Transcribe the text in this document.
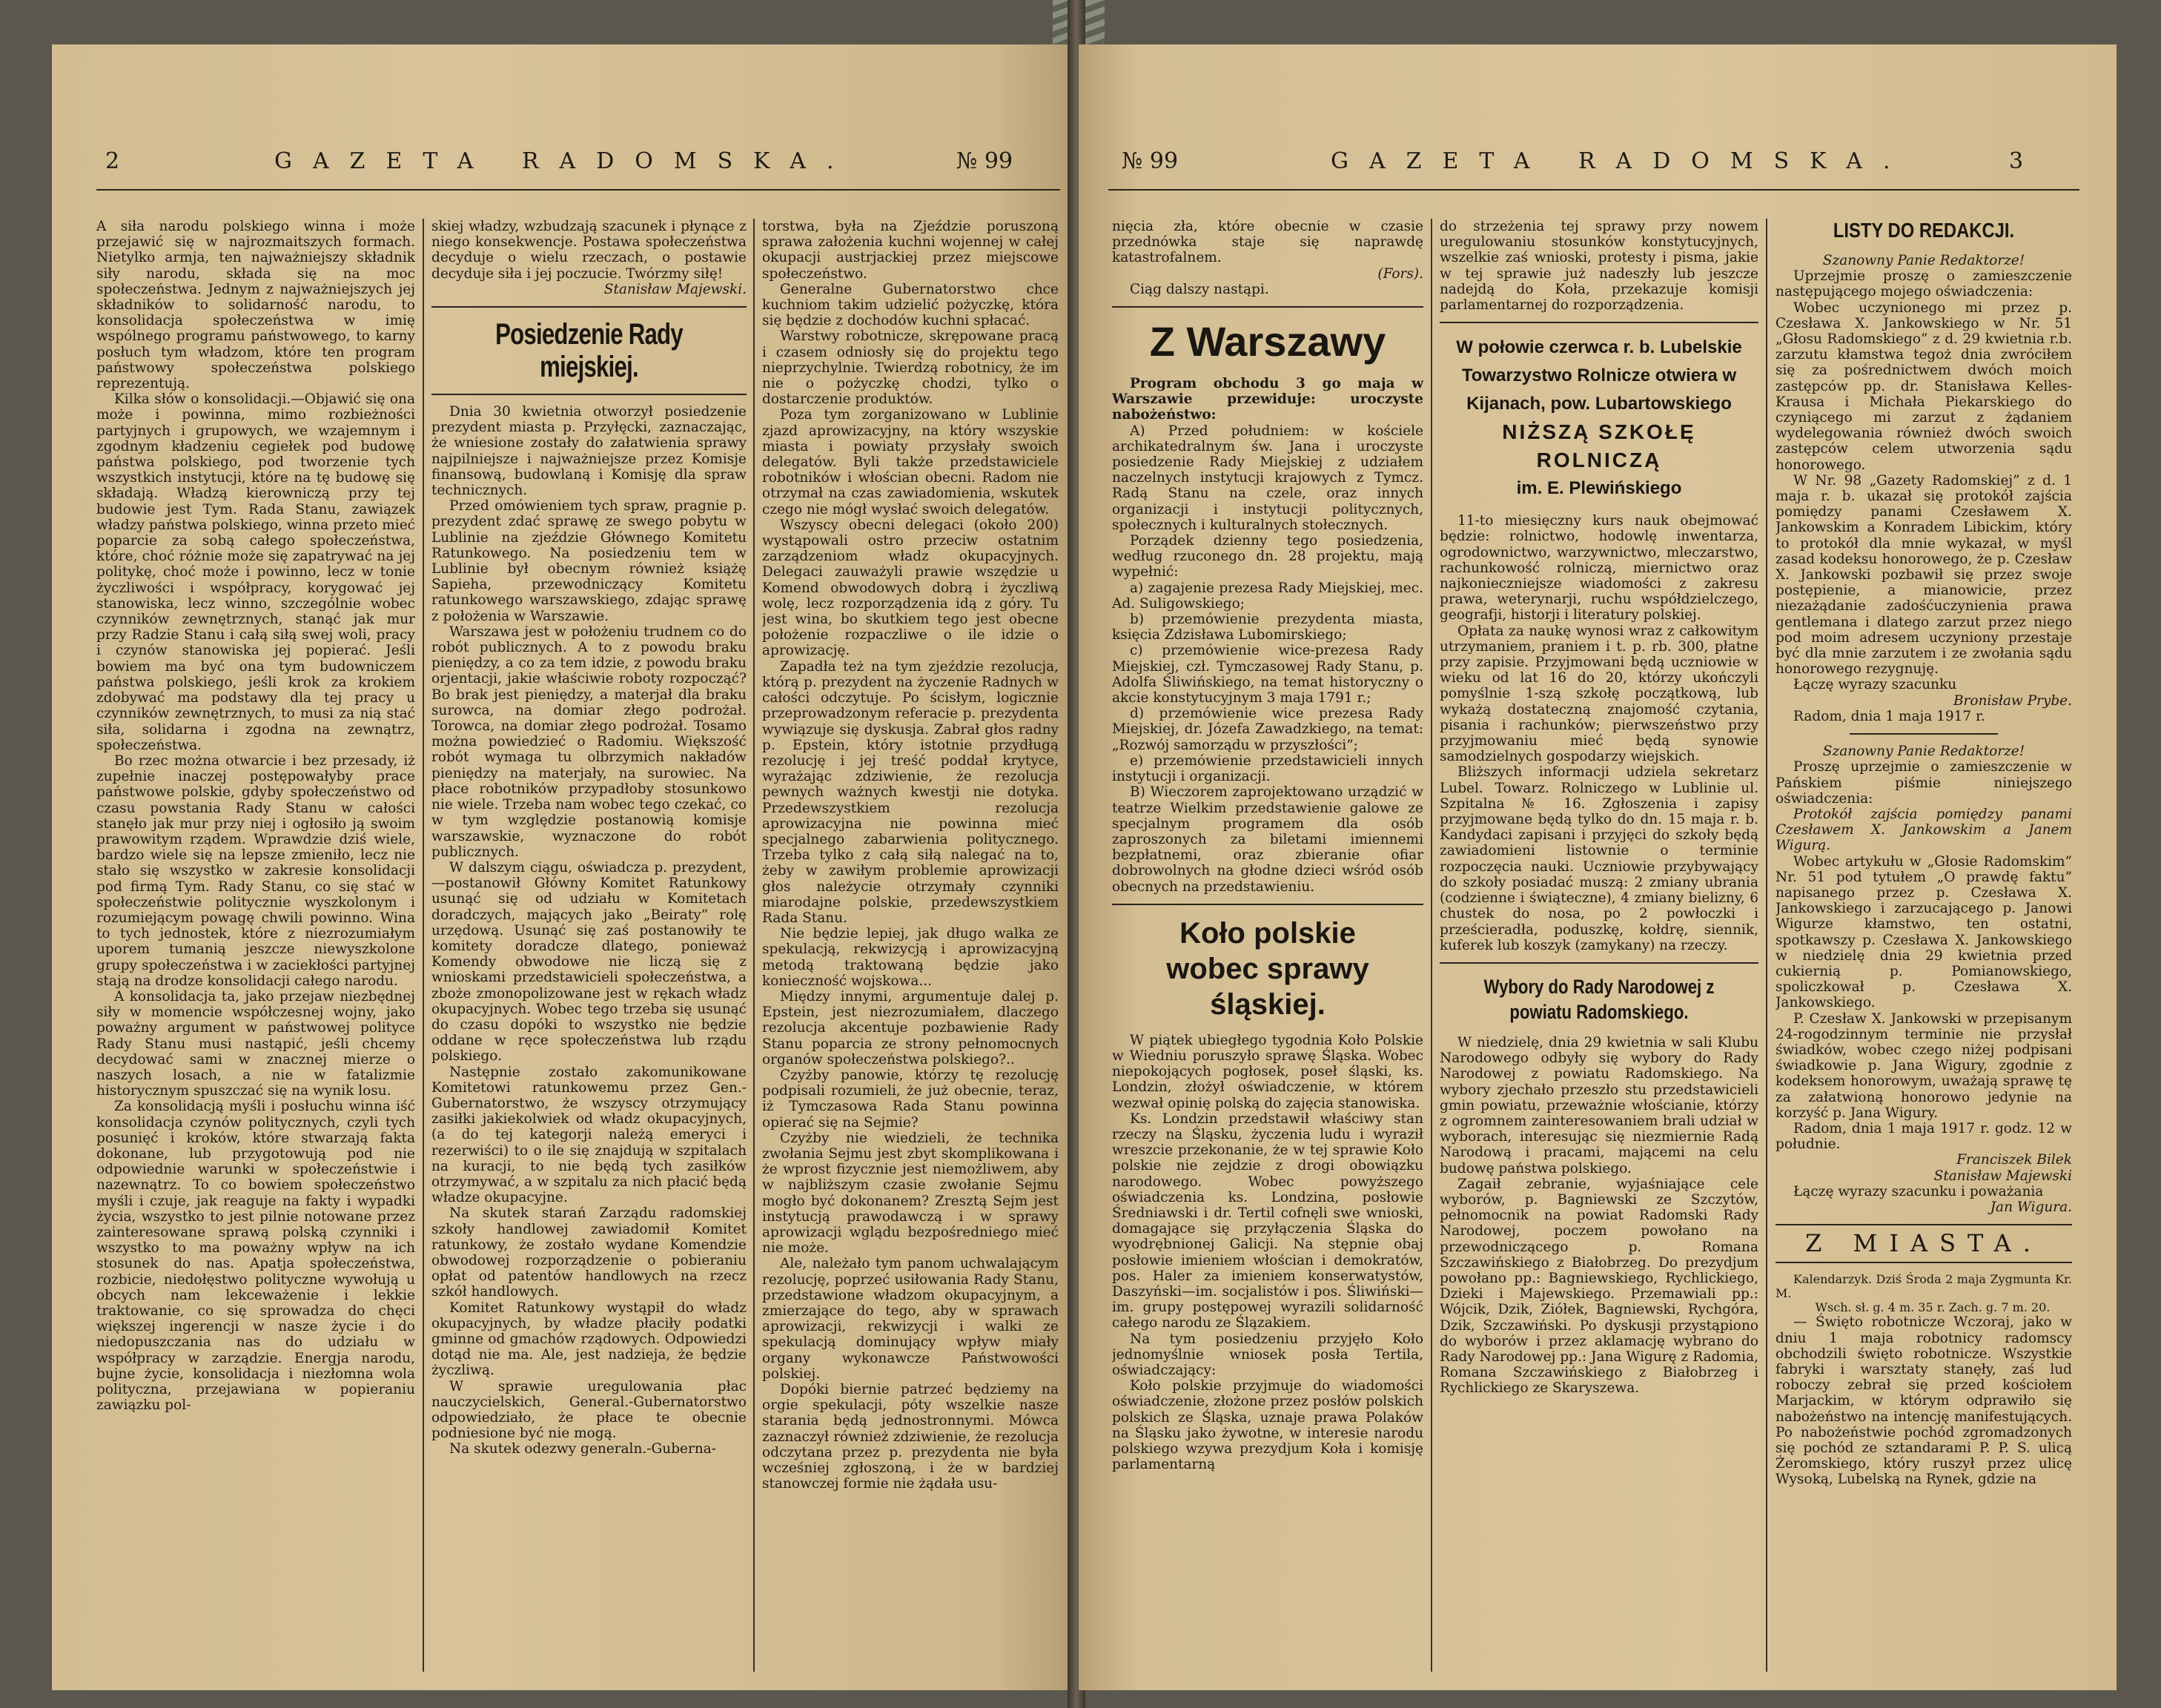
2	GAZETA RADOMSKA.	№ 99

A siła narodu polskiego winna i może przejawić się w najrozmaitszych formach. Nietylko armja, ten najważniejszy składnik siły narodu, składa się na moc społeczeństwa. Jednym z najważniejszych jej składników to solidarność narodu, to konsolidacja społeczeństwa w imię wspólnego programu państwowego, to karny posłuch tym władzom, które ten program państwowy społeczeństwa polskiego reprezentują.

Kilka słów o konsolidacji.—Objawić się ona może i powinna, mimo rozbieżności partyjnych i grupowych, we wzajemnym i zgodnym kładzeniu cegiełek pod budowę państwa polskiego, pod tworzenie tych wszystkich instytucji, które na tę budowę się składają. Władzą kierowniczą przy tej budowie jest Tym. Rada Stanu, zawiązek władzy państwa polskiego, winna przeto mieć poparcie za sobą całego społeczeństwa, które, choć różnie może się zapatrywać na jej politykę, choć może i powinno, lecz w tonie życzliwości i współpracy, korygować jej stanowiska, lecz winno, szczególnie wobec czynników zewnętrznych, stanąć jak mur przy Radzie Stanu i całą siłą swej woli, pracy i czynów stanowiska jej popierać. Jeśli bowiem ma być ona tym budowniczem państwa polskiego, jeśli krok za krokiem zdobywać ma podstawy dla tej pracy u czynników zewnętrznych, to musi za nią stać siła, solidarna i zgodna na zewnątrz, społeczeństwa.

Bo rzec można otwarcie i bez przesady, iż zupełnie inaczej postępowałyby prace państwowe polskie, gdyby społeczeństwo od czasu powstania Rady Stanu w całości stanęło jak mur przy niej i ogłosiło ją swoim prawowitym rządem. Wprawdzie dziś wiele, bardzo wiele się na lepsze zmieniło, lecz nie stało się wszystko w zakresie konsolidacji pod firmą Tym. Rady Stanu, co się stać w społeczeństwie politycznie wyszkolonym i rozumiejącym powagę chwili powinno. Wina to tych jednostek, które z niezrozumiałym uporem tumanią jeszcze niewyszkolone grupy społeczeństwa i w zaciekłości partyjnej stają na drodze konsolidacji całego narodu.

A konsolidacja ta, jako przejaw niezbędnej siły w momencie współczesnej wojny, jako poważny argument w państwowej polityce Rady Stanu musi nastąpić, jeśli chcemy decydować sami w znacznej mierze o naszych losach, a nie w fatalizmie historycznym spuszczać się na wynik losu.

Za konsolidacją myśli i posłuchu winna iść konsolidacja czynów politycznych, czyli tych posunięć i kroków, które stwarzają fakta dokonane, lub przygotowują pod nie odpowiednie warunki w społeczeństwie i nazewnątrz. To co bowiem społeczeństwo myśli i czuje, jak reaguje na fakty i wypadki życia, wszystko to jest pilnie notowane przez zainteresowane sprawą polską czynniki i wszystko to ma poważny wpływ na ich stosunek do nas. Apatja społeczeństwa, rozbicie, niedołęstwo polityczne wywołują u obcych nam lekceważenie i lekkie traktowanie, co się sprowadza do chęci większej ingerencji w nasze życie i do niedopuszczania nas do udziału w współpracy w zarządzie. Energja narodu, bujne życie, konsolidacja i niezłomna wola polityczna, przejawiana w popieraniu zawiązku pol-

skiej władzy, wzbudzają szacunek i płynące z niego konsekwencje. Postawa społeczeństwa decyduje o wielu rzeczach, o postawie decyduje siła i jej poczucie. Twórzmy siłę!

Stanisław Majewski.
Posiedzenie Rady miejskiej.

Dnia 30 kwietnia otworzył posiedzenie prezydent miasta p. Przyłęcki, zaznaczając, że wniesione zostały do załatwienia sprawy najpilniejsze i najważniejsze przez Komisje finansową, budowlaną i Komisję dla spraw technicznych.

Przed omówieniem tych spraw, pragnie p. prezydent zdać sprawę ze swego pobytu w Lublinie na zjeździe Głównego Komitetu Ratunkowego. Na posiedzeniu tem w Lublinie był obecnym również książę Sapieha, przewodniczący Komitetu ratunkowego warszawskiego, zdając sprawę z położenia w Warszawie.

Warszawa jest w położeniu trudnem co do robót publicznych. A to z powodu braku pieniędzy, a co za tem idzie, z powodu braku orjentacji, jakie właściwie roboty rozpocząć? Bo brak jest pieniędzy, a materjał dla braku surowca, na domiar złego podrożał. Torowca, na domiar złego podrożał. Tosamo można powiedzieć o Radomiu. Większość robót wymaga tu olbrzymich nakładów pieniędzy na materjały, na surowiec. Na płace robotników przypadłoby stosunkowo nie wiele. Trzeba nam wobec tego czekać, co w tym względzie postanowią komisje warszawskie, wyznaczone do robót publicznych.

W dalszym ciągu, oświadcza p. prezydent,—postanowił Główny Komitet Ratunkowy usunąć się od udziału w Komitetach doradczych, mających jako „Beiraty” rolę urzędową. Usunąć się zaś postanowiły te komitety doradcze dlatego, ponieważ Komendy obwodowe nie liczą się z wnioskami przedstawicieli społeczeństwa, a zboże zmonopolizowane jest w rękach władz okupacyjnych. Wobec tego trzeba się usunąć do czasu dopóki to wszystko nie będzie oddane w ręce społeczeństwa lub rządu polskiego.

Następnie zostało zakomunikowane Komitetowi ratunkowemu przez Gen.-Gubernatorstwo, że wszyscy otrzymujący zasiłki jakiekolwiek od władz okupacyjnych, (a do tej kategorji należą emeryci i rezerwiści) to o ile się znajdują w szpitalach na kuracji, to nie będą tych zasiłków otrzymywać, a w szpitalu za nich płacić będą władze okupacyjne.

Na skutek starań Zarządu radomskiej szkoły handlowej zawiadomił Komitet ratunkowy, że zostało wydane Komendzie obwodowej rozporządzenie o pobieraniu opłat od patentów handlowych na rzecz szkół handlowych.

Komitet Ratunkowy wystąpił do władz okupacyjnych, by władze płaciły podatki gminne od gmachów rządowych. Odpowiedzi dotąd nie ma. Ale, jest nadzieja, że będzie życzliwą.

W sprawie uregulowania płac nauczycielskich, General.-Gubernatorstwo odpowiedziało, że płace te obecnie podniesione być nie mogą.

Na skutek odezwy generaln.-Guberna-

torstwa, była na Zjeździe poruszoną sprawa założenia kuchni wojennej w całej okupacji austrjackiej przez miejscowe społeczeństwo.

Generalne Gubernatorstwo chce kuchniom takim udzielić pożyczkę, która się będzie z dochodów kuchni spłacać.

Warstwy robotnicze, skrępowane pracą i czasem odniosły się do projektu tego nieprzychylnie. Twierdzą robotnicy, że im nie o pożyczkę chodzi, tylko o dostarczenie produktów.

Poza tym zorganizowano w Lublinie zjazd aprowizacyjny, na który wszyskie miasta i powiaty przysłały swoich delegatów. Byli także przedstawiciele robotników i włościan obecni. Radom nie otrzymał na czas zawiadomienia, wskutek czego nie mógł wysłać swoich delegatów.

Wszyscy obecni delegaci (około 200) wystąpowali ostro przeciw ostatnim zarządzeniom władz okupacyjnych. Delegaci zauważyli prawie wszędzie u Komend obwodowych dobrą i życzliwą wolę, lecz rozporządzenia idą z góry. Tu jest wina, bo skutkiem tego jest obecne położenie rozpaczliwe o ile idzie o aprowizację.

Zapadła też na tym zjeździe rezolucja, którą p. prezydent na życzenie Radnych w całości odczytuje. Po ścisłym, logicznie przeprowadzonym referacie p. prezydenta wywiązuje się dyskusja. Zabrał głos radny p. Epstein, który istotnie przydługą rezolucję i jej treść poddał krytyce, wyrażając zdziwienie, że rezolucja pewnych ważnych kwestji nie dotyka. Przedewszystkiem rezolucja aprowizacyjna nie powinna mieć specjalnego zabarwienia politycznego. Trzeba tylko z całą siłą nalegać na to, żeby w zawiłym problemie aprowizacji głos należycie otrzymały czynniki miarodajne polskie, przedewszystkiem Rada Stanu.

Nie będzie lepiej, jak długo walka ze spekulacją, rekwizycją i aprowizacyjną metodą traktowaną będzie jako konieczność wojskowa...

Między innymi, argumentuje dalej p. Epstein, jest niezrozumiałem, dlaczego rezolucja akcentuje pozbawienie Rady Stanu poparcia ze strony pełnomocnych organów społeczeństwa polskiego?..

Czyżby panowie, którzy tę rezolucję podpisali rozumieli, że już obecnie, teraz, iż Tymczasowa Rada Stanu powinna opierać się na Sejmie?

Czyżby nie wiedzieli, że technika zwołania Sejmu jest zbyt skomplikowana i że wprost fizycznie jest niemożliwem, aby w najbliższym czasie zwołanie Sejmu mogło być dokonanem? Zresztą Sejm jest instytucją prawodawczą i w sprawy aprowizacji wglądu bezpośredniego mieć nie może.

Ale, należało tym panom uchwalającym rezolucję, poprzeć usiłowania Rady Stanu, przedstawione władzom okupacyjnym, a zmierzające do tego, aby w sprawach aprowizacji, rekwizycji i walki ze spekulacją dominujący wpływ miały organy wykonawcze Państwowości polskiej.

Dopóki biernie patrzeć będziemy na orgie spekulacji, póty wszelkie nasze starania będą jednostronnymi. Mówca zaznaczył również zdziwienie, że rezolucja odczytana przez p. prezydenta nie była wcześniej zgłoszoną, i że w bardziej stanowczej formie nie żądała usu-

№ 99	GAZETA RADOMSKA.	3

nięcia zła, które obecnie w czasie przednówka staje się naprawdę katastrofalnem.

(Fors).

Ciąg dalszy nastąpi.

Z Warszawy

Program obchodu 3 go maja w Warszawie przewiduje: uroczyste nabożeństwo:

A) Przed południem: w kościele archikatedralnym św. Jana i uroczyste posiedzenie Rady Miejskiej z udziałem naczelnych instytucji krajowych z Tymcz. Radą Stanu na czele, oraz innych organizacji i instytucji politycznych, społecznych i kulturalnych stołecznych.

Porządek dzienny tego posiedzenia, według rzuconego dn. 28 projektu, mają wypełnić:

a) zagajenie prezesa Rady Miejskiej, mec. Ad. Suligowskiego;

b) przemówienie prezydenta miasta, księcia Zdzisława Lubomirskiego;

c) przemówienie wice-prezesa Rady Miejskiej, czł. Tymczasowej Rady Stanu, p. Adolfa Śliwińskiego, na temat historyczny o akcie konstytucyjnym 3 maja 1791 r.;

d) przemówienie wice prezesa Rady Miejskiej, dr. Józefa Zawadzkiego, na temat: „Rozwój samorządu w przyszłości”;

e) przemówienie przedstawicieli innych instytucji i organizacji.

B) Wieczorem zaprojektowano urządzić w teatrze Wielkim przedstawienie galowe ze specjalnym programem dla osób zaproszonych za biletami imiennemi bezpłatnemi, oraz zbieranie ofiar dobrowolnych na głodne dzieci wśród osób obecnych na przedstawieniu.

Koło polskie
wobec sprawy śląskiej.

W piątek ubiegłego tygodnia Koło Polskie w Wiedniu poruszyło sprawę Śląska. Wobec niepokojących pogłosek, poseł śląski, ks. Londzin, złożył oświadczenie, w którem wezwał opinię polską do zajęcia stanowiska.

Ks. Londzin przedstawił właściwy stan rzeczy na Śląsku, życzenia ludu i wyraził wreszcie przekonanie, że w tej sprawie Koło polskie nie zejdzie z drogi obowiązku narodowego. Wobec powyższego oświadczenia ks. Londzina, posłowie Średniawski i dr. Tertil cofnęli swe wnioski, domagające się przyłączenia Śląska do wyodrębnionej Galicji. Na stępnie obaj posłowie imieniem włościan i demokratów, pos. Haler za imieniem konserwatystów, Daszyński—im. socjalistów i pos. Śliwiński—im. grupy postępowej wyrazili solidarność całego narodu ze Ślązakiem.

Na tym posiedzeniu przyjęło Koło jednomyślnie wniosek posła Tertila, oświadczający:

Koło polskie przyjmuje do wiadomości oświadczenie, złożone przez posłów polskich polskich ze Śląska, uznaje prawa Polaków na Śląsku jako żywotne, w interesie narodu polskiego wzywa prezydjum Koła i komisję parlamentarną

do strzeżenia tej sprawy przy nowem uregulowaniu stosunków konstytucyjnych, wszelkie zaś wnioski, protesty i pisma, jakie w tej sprawie już nadeszły lub jeszcze nadejdą do Koła, przekazuje komisji parlamentarnej do rozporządzenia.

W połowie czerwca r. b. Lubelskie
Towarzystwo Rolnicze otwiera w
Kijanach, pow. Lubartowskiego
NIŻSZĄ SZKOŁĘ ROLNICZĄ
im. E. Plewińskiego

11-to miesięczny kurs nauk obejmować będzie: rolnictwo, hodowlę inwentarza, ogrodownictwo, warzywnictwo, mleczarstwo, rachunkowość rolniczą, miernictwo oraz najkonieczniejsze wiadomości z zakresu prawa, weterynarji, ruchu współdzielczego, geografji, historji i literatury polskiej.

Opłata za naukę wynosi wraz z całkowitym utrzymaniem, praniem i t. p. rb. 300, płatne przy zapisie. Przyjmowani będą uczniowie w wieku od lat 16 do 20, którzy ukończyli pomyślnie 1-szą szkołę początkową, lub wykażą dostateczną znajomość czytania, pisania i rachunków; pierwszeństwo przy przyjmowaniu mieć będą synowie samodzielnych gospodarzy wiejskich.

Bliższych informacji udziela sekretarz Lubel. Towarz. Rolniczego w Lublinie ul. Szpitalna № 16. Zgłoszenia i zapisy przyjmowane będą tylko do dn. 15 maja r. b. Kandydaci zapisani i przyjęci do szkoły będą zawiadomieni listownie o terminie rozpoczęcia nauki. Uczniowie przybywający do szkoły posiadać muszą: 2 zmiany ubrania (codzienne i świąteczne), 4 zmiany bielizny, 6 chustek do nosa, po 2 powłoczki i prześcieradła, poduszkę, kołdrę, siennik, kuferek lub koszyk (zamykany) na rzeczy.

Wybory do Rady Narodowej z powiatu Radomskiego.

W niedzielę, dnia 29 kwietnia w sali Klubu Narodowego odbyły się wybory do Rady Narodowej z powiatu Radomskiego. Na wybory zjechało przeszło stu przedstawicieli gmin powiatu, przeważnie włościanie, którzy z ogromnem zainteresowaniem brali udział w wyborach, interesując się niezmiernie Radą Narodową i pracami, mającemi na celu budowę państwa polskiego.

Zagaił zebranie, wyjaśniające cele wyborów, p. Bagniewski ze Szczytów, pełnomocnik na powiat Radomski Rady Narodowej, poczem powołano na przewodniczącego p. Romana Szczawińskiego z Białobrzeg. Do prezydjum powołano pp.: Bagniewskiego, Rychlickiego, Dzieki i Majewskiego. Przemawiali pp.: Wójcik, Dzik, Ziółek, Bagniewski, Rychgóra, Dzik, Szczawiński. Po dyskusji przystąpiono do wyborów i przez aklamację wybrano do Rady Narodowej pp.: Jana Wigurę z Radomia, Romana Szczawińskiego z Białobrzeg i Rychlickiego ze Skaryszewa.

LISTY DO REDAKCJI.
Szanowny Panie Redaktorze!

Uprzejmie proszę o zamieszczenie następującego mojego oświadczenia:

Wobec uczynionego mi przez p. Czesława X. Jankowskiego w Nr. 51 „Głosu Radomskiego” z d. 29 kwietnia r.b. zarzutu kłamstwa tegoż dnia zwróciłem się za pośrednictwem dwóch moich zastępców pp. dr. Stanisława Kelles-Krausa i Michała Piekarskiego do czyniącego mi zarzut z żądaniem wydelegowania również dwóch swoich zastępców celem utworzenia sądu honorowego.

W Nr. 98 „Gazety Radomskiej” z d. 1 maja r. b. ukazał się protokół zajścia pomiędzy panami Czesławem X. Jankowskim a Konradem Libickim, który to protokół dla mnie wykazał, w myśl zasad kodeksu honorowego, że p. Czesław X. Jankowski pozbawił się przez swoje postępienie, a mianowicie, przez niezażądanie zadośćuczynienia prawa gentlemana i dlatego zarzut przez niego pod moim adresem uczyniony przestaje być dla mnie zarzutem i ze zwołania sądu honorowego rezygnuję.

Łączę wyrazy szacunku

Bronisław Prybe.

Radom, dnia 1 maja 1917 r.

Szanowny Panie Redaktorze!

Proszę uprzejmie o zamieszczenie w Pańskiem piśmie niniejszego oświadczenia:

Protokół zajścia pomiędzy panami Czesławem X. Jankowskim a Janem Wigurą.

Wobec artykułu w „Głosie Radomskim” Nr. 51 pod tytułem „O prawdę faktu” napisanego przez p. Czesława X. Jankowskiego i zarzucającego p. Janowi Wigurze kłamstwo, ten ostatni, spotkawszy p. Czesława X. Jankowskiego w niedzielę dnia 29 kwietnia przed cukiernią p. Pomianowskiego, spoliczkował p. Czesława X. Jankowskiego.

P. Czesław X. Jankowski w przepisanym 24-rogodzinnym terminie nie przysłał świadków, wobec czego niżej podpisani świadkowie p. Jana Wigury, zgodnie z kodeksem honorowym, uważają sprawę tę za załatwioną honorowo jedynie na korzyść p. Jana Wigury.

Radom, dnia 1 maja 1917 r. godz. 12 w południe.

Franciszek Bilek
Stanisław Majewski

Łączę wyrazy szacunku i poważania

Jan Wigura.
Z MIASTA.

Kalendarzyk. Dziś Środa 2 maja Zygmunta Kr. M.

Wsch. sł. g. 4 m. 35 r. Zach. g. 7 m. 20.

— Święto robotnicze Wczoraj, jako w dniu 1 maja robotnicy radomscy obchodzili święto robotnicze. Wszystkie fabryki i warsztaty stanęły, zaś lud roboczy zebrał się przed kościołem Marjackim, w którym odprawiło się nabożeństwo na intencję manifestujących. Po nabożeństwie pochód zgromadzonych się pochód ze sztandarami P. P. S. ulicą Żeromskiego, który ruszył przez ulicę Wysoką, Lubelską na Rynek, gdzie na
